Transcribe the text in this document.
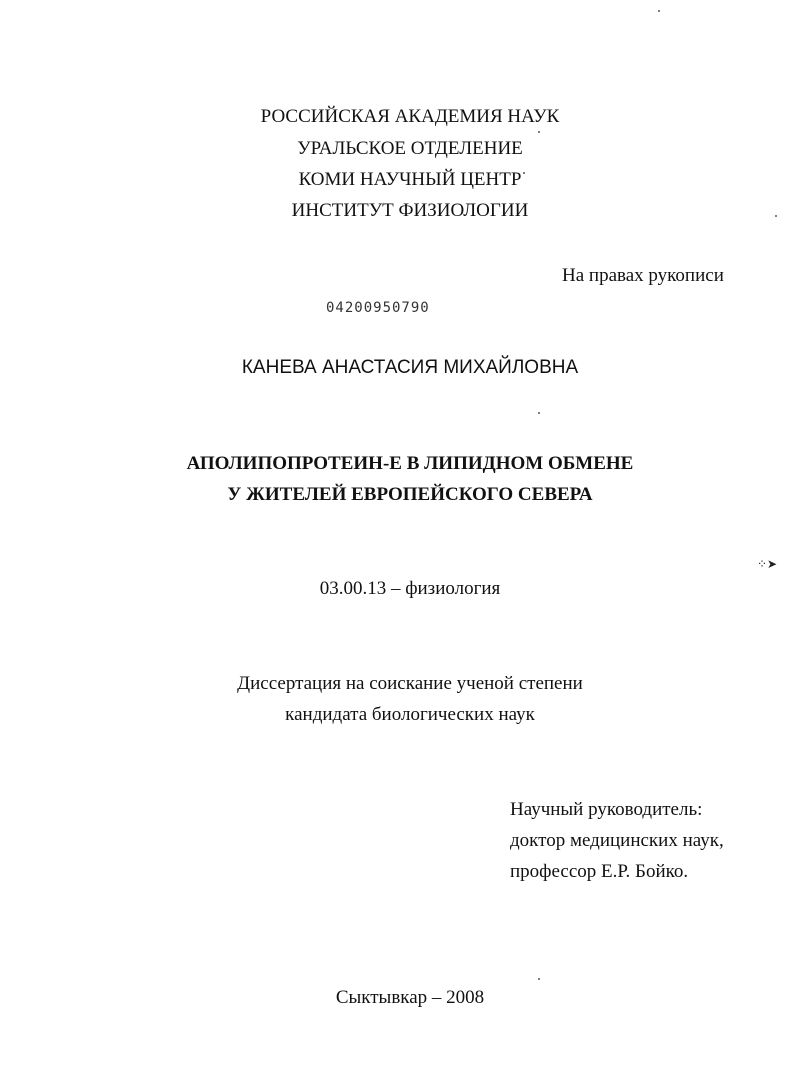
РОССИЙСКАЯ АКАДЕМИЯ НАУК
УРАЛЬСКОЕ ОТДЕЛЕНИЕ
КОМИ НАУЧНЫЙ ЦЕНТР
ИНСТИТУТ ФИЗИОЛОГИИ
На правах рукописи
04200950790
КАНЕВА АНАСТАСИЯ МИХАЙЛОВНА
АПОЛИПОПРОТЕИН-Е В ЛИПИДНОМ ОБМЕНЕ
У ЖИТЕЛЕЙ ЕВРОПЕЙСКОГО СЕВЕРА
03.00.13 – физиология
Диссертация на соискание ученой степени
кандидата биологических наук
Научный руководитель:
доктор медицинских наук,
профессор Е.Р. Бойко.
Сыктывкар – 2008
⁘➤
